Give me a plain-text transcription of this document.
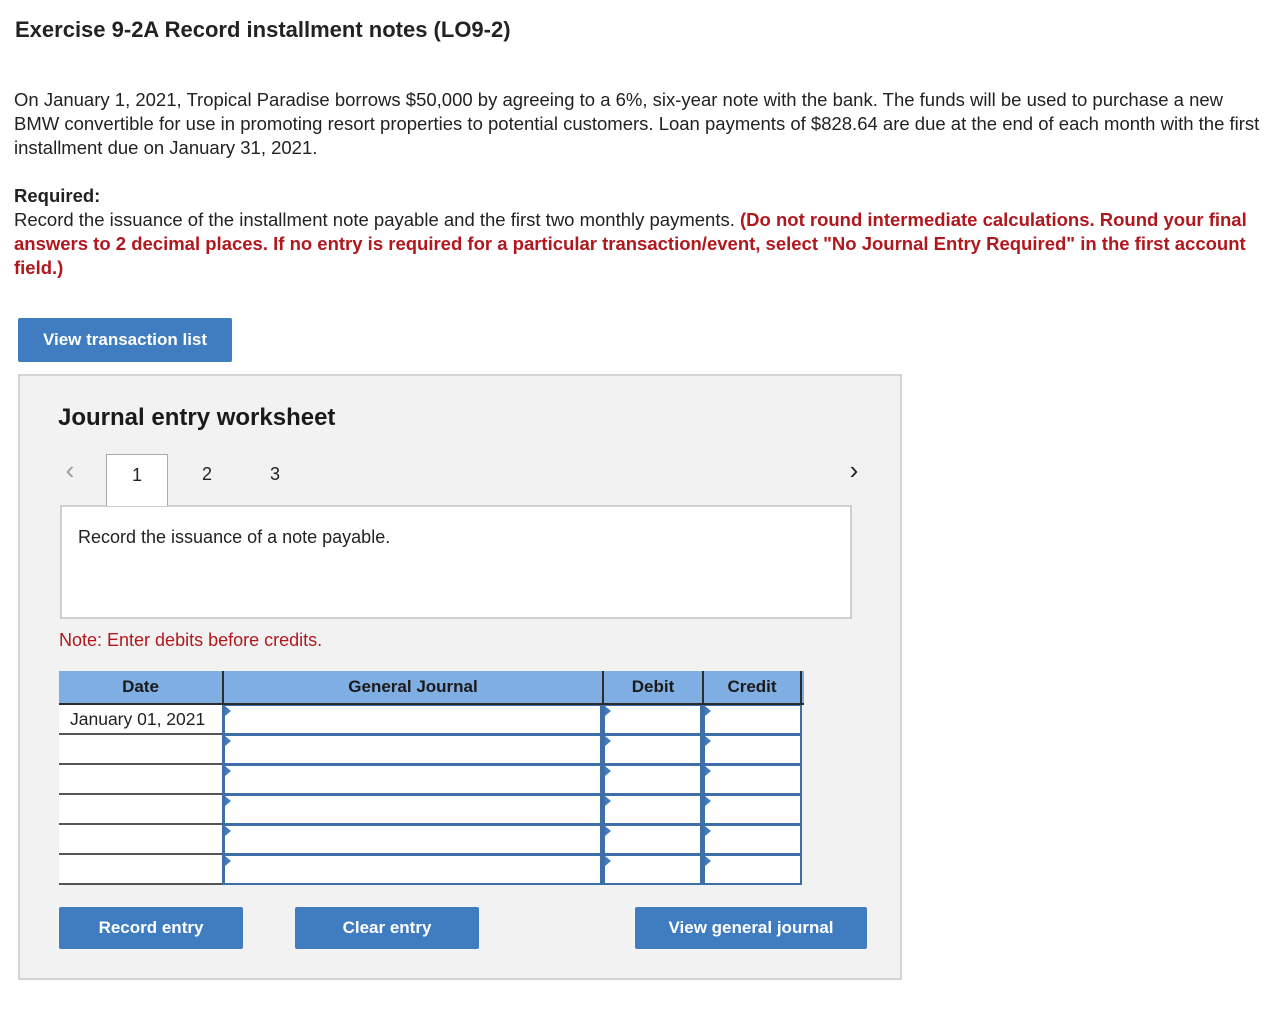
Exercise 9-2A Record installment notes (LO9-2)
On January 1, 2021, Tropical Paradise borrows $50,000 by agreeing to a 6%, six-year note with the bank. The funds will be used to purchase a new BMW convertible for use in promoting resort properties to potential customers. Loan payments of $828.64 are due at the end of each month with the first installment due on January 31, 2021.
Required:
Record the issuance of the installment note payable and the first two monthly payments. (Do not round intermediate calculations. Round your final answers to 2 decimal places. If no entry is required for a particular transaction/event, select "No Journal Entry Required" in the first account field.)
View transaction list
Journal entry worksheet
‹	1	2	3	›
Record the issuance of a note payable.
Note: Enter debits before credits.
Date	General Journal	Debit	Credit
January 01, 2021
Record entry	Clear entry	View general journal
